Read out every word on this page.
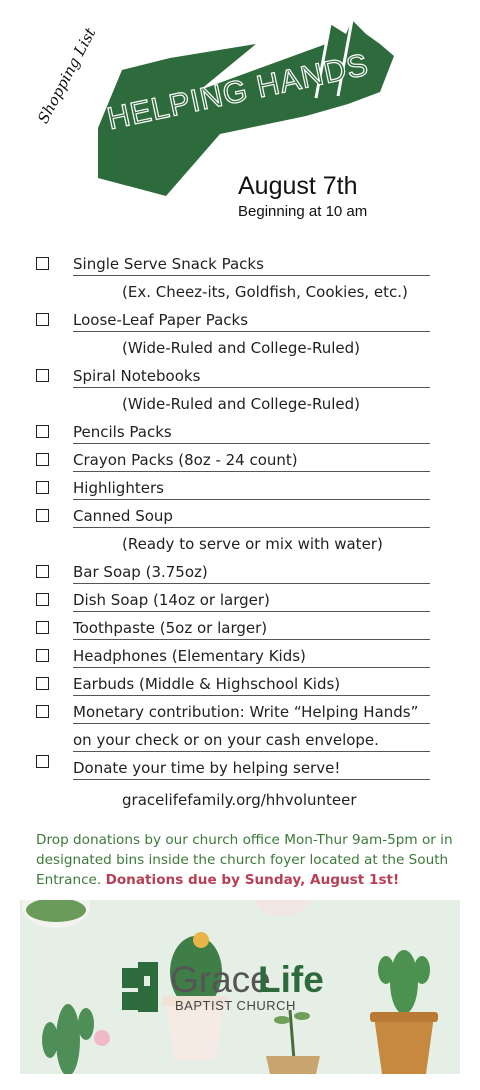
Shopping List HELPING HANDS
August 7th
Beginning at 10 am
Single Serve Snack Packs
(Ex. Cheez-its, Goldfish, Cookies, etc.)
Loose-Leaf Paper Packs
(Wide-Ruled and College-Ruled)
Spiral Notebooks
(Wide-Ruled and College-Ruled)
Pencils Packs
Crayon Packs (8oz - 24 count)
Highlighters
Canned Soup
(Ready to serve or mix with water)
Bar Soap (3.75oz)
Dish Soap (14oz or larger)
Toothpaste (5oz or larger)
Headphones (Elementary Kids)
Earbuds (Middle & Highschool Kids)
Monetary contribution: Write “Helping Hands”
on your check or on your cash envelope.
Donate your time by helping serve!
gracelifefamily.org/hhvolunteer
Drop donations by our church office Mon-Thur 9am-5pm or in designated bins inside the church foyer located at the South Entrance. Donations due by Sunday, August 1st!
Grace
Life
BAPTIST CHURCH
